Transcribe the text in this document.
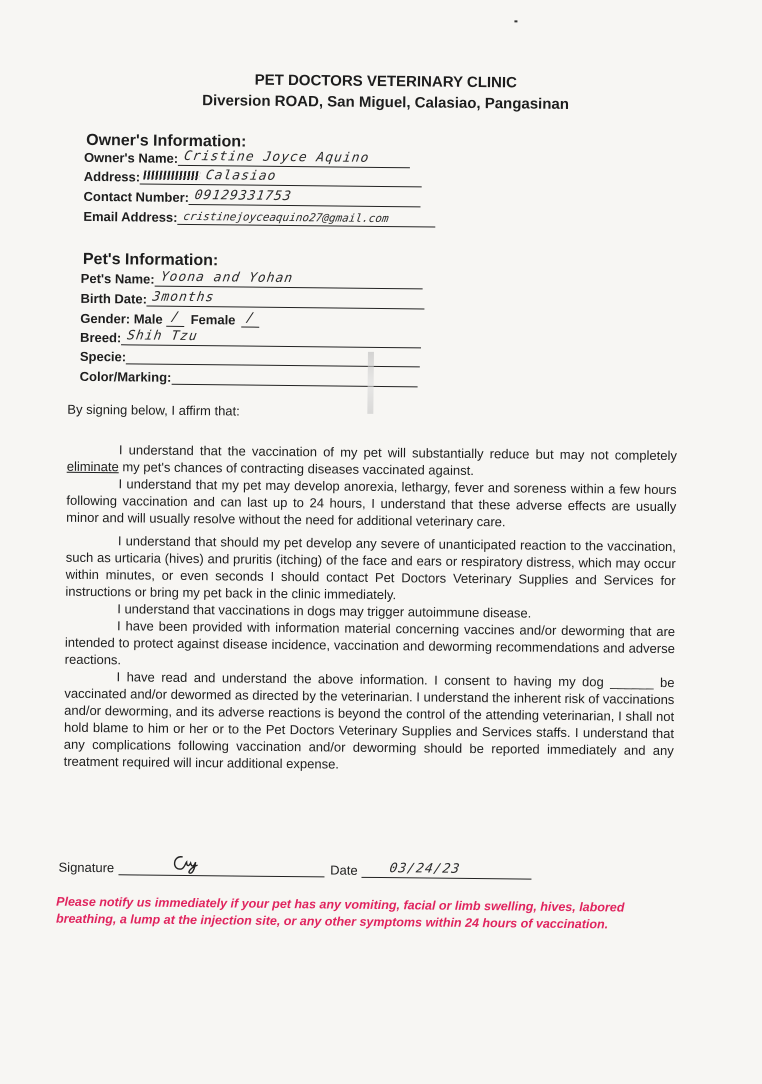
PET DOCTORS VETERINARY CLINIC
Diversion ROAD, San Miguel, Calasiao, Pangasinan
Owner's Information:
Owner's Name: Cristine Joyce Aquino
Address:	Calasiao
Contact Number: 09129331753
Email Address: cristinejoyceaquino27@gmail.com
Pet's Information:
Pet's Name: Yoona and Yohan
Birth Date: 3months
Gender: Male / Female /
Breed: Shih Tzu
Specie:
Color/Marking:
By signing below, I affirm that:

I understand that the vaccination of my pet will substantially reduce but may not completely eliminate my pet's chances of contracting diseases vaccinated against.

I understand that my pet may develop anorexia, lethargy, fever and soreness within a few hours following vaccination and can last up to 24 hours, I understand that these adverse effects are usually minor and will usually resolve without the need for additional veterinary care.

I understand that should my pet develop any severe of unanticipated reaction to the vaccination, such as urticaria (hives) and pruritis (itching) of the face and ears or respiratory distress, which may occur within minutes, or even seconds I should contact Pet Doctors Veterinary Supplies and Services for instructions or bring my pet back in the clinic immediately.

I understand that vaccinations in dogs may trigger autoimmune disease.

I have been provided with information material concerning vaccines and/or deworming that are intended to protect against disease incidence, vaccination and deworming recommendations and adverse reactions.

I have read and understand the above information. I consent to having my dog ______ be vaccinated and/or dewormed as directed by the veterinarian. I understand the inherent risk of vaccinations and/or deworming, and its adverse reactions is beyond the control of the attending veterinarian, I shall not hold blame to him or her or to the Pet Doctors Veterinary Supplies and Services staffs. I understand that any complications following vaccination and/or deworming should be reported immediately and any treatment required will incur additional expense.

Signature	Date 03/24/23
Please notify us immediately if your pet has any vomiting, facial or limb swelling, hives, labored breathing, a lump at the injection site, or any other symptoms within 24 hours of vaccination.
